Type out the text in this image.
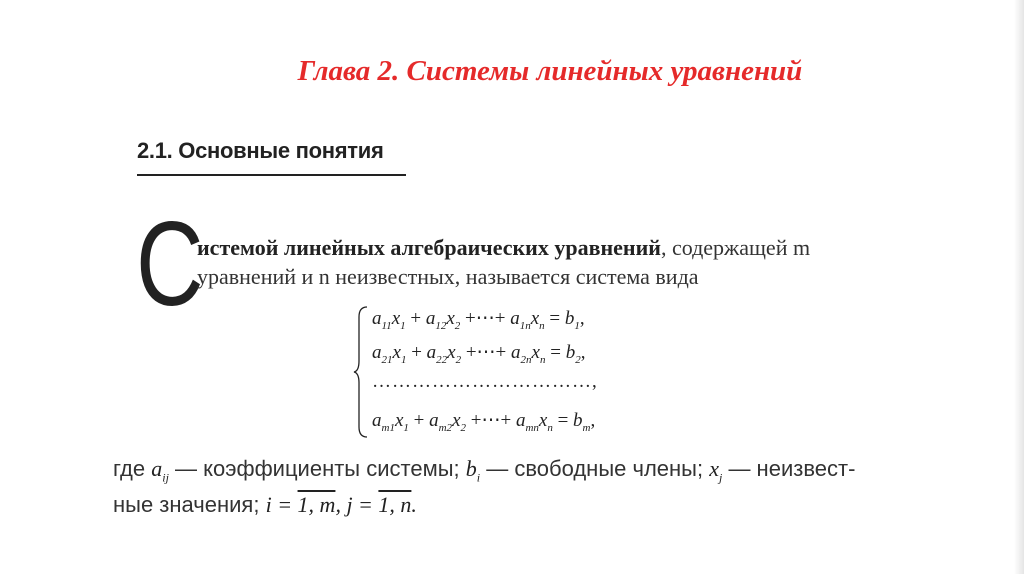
Глава 2. Системы линейных уравнений
2.1. Основные понятия
С
истемой линейных алгебраических уравнений, содержащей m
уравнений и n неизвестных, называется система вида
$a_{11}x_1 + a_{12}x_2$ +⋯+ $a_{1n}x_n = b_1$,
$a_{21}x_1 + a_{22}x_2$ +⋯+ $a_{2n}x_n = b_2$,
……………………………,
$a_{m1}x_1 + a_{m2}x_2$ +⋯+ $a_{mn}x_n = b_m$,
где $a_{ij}$ — коэффициенты системы; $b_i$ — свободные члены; $x_j$ — неизвест-
ные значения; i = 1, m, j = 1, n.
